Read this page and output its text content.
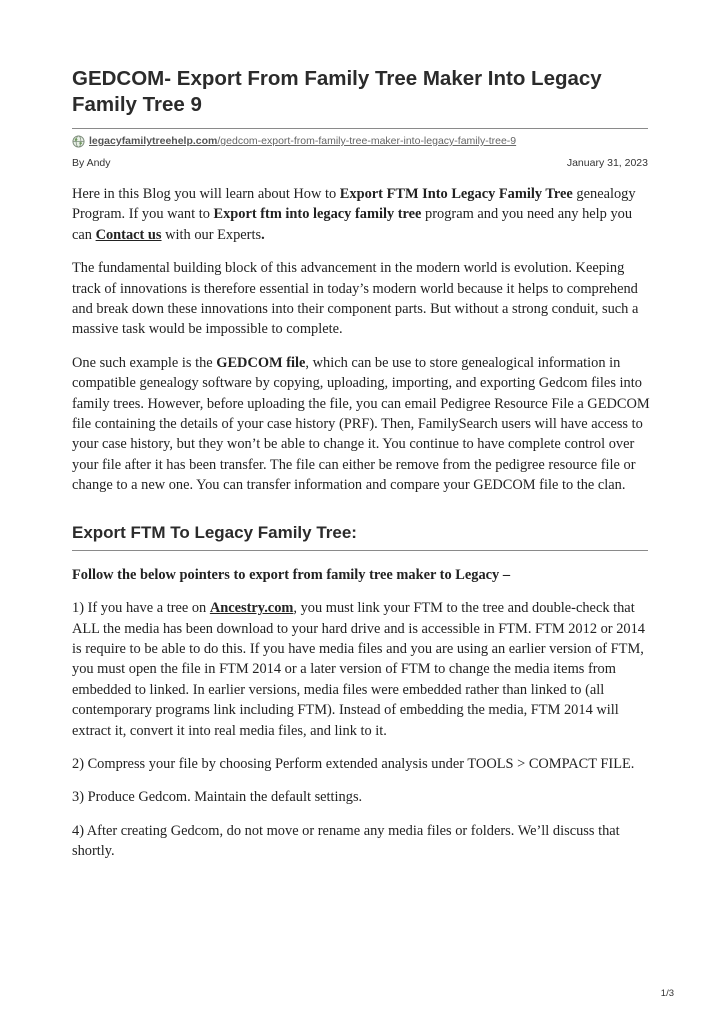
GEDCOM- Export From Family Tree Maker Into Legacy Family Tree 9
legacyfamilytreehelp.com /gedcom-export-from-family-tree-maker-into-legacy-family-tree-9
By Andy	January 31, 2023

Here in this Blog you will learn about How to Export FTM Into Legacy Family Tree genealogy Program. If you want to Export ftm into legacy family tree program and you need any help you can Contact us with our Experts.

The fundamental building block of this advancement in the modern world is evolution. Keeping track of innovations is therefore essential in today’s modern world because it helps to comprehend and break down these innovations into their component parts. But without a strong conduit, such a massive task would be impossible to complete.

One such example is the GEDCOM file, which can be use to store genealogical information in compatible genealogy software by copying, uploading, importing, and exporting Gedcom files into family trees. However, before uploading the file, you can email Pedigree Resource File a GEDCOM file containing the details of your case history (PRF). Then, FamilySearch users will have access to your case history, but they won’t be able to change it. You continue to have complete control over your file after it has been transfer. The file can either be remove from the pedigree resource file or change to a new one. You can transfer information and compare your GEDCOM file to the clan.

Export FTM To Legacy Family Tree:

Follow the below pointers to export from family tree maker to Legacy –

1) If you have a tree on Ancestry.com, you must link your FTM to the tree and double-check that ALL the media has been download to your hard drive and is accessible in FTM. FTM 2012 or 2014 is require to be able to do this. If you have media files and you are using an earlier version of FTM, you must open the file in FTM 2014 or a later version of FTM to change the media items from embedded to linked. In earlier versions, media files were embedded rather than linked to (all contemporary programs link including FTM). Instead of embedding the media, FTM 2014 will extract it, convert it into real media files, and link to it.

2) Compress your file by choosing Perform extended analysis under TOOLS > COMPACT FILE.

3) Produce Gedcom. Maintain the default settings.

4) After creating Gedcom, do not move or rename any media files or folders. We’ll discuss that shortly.

1/3
